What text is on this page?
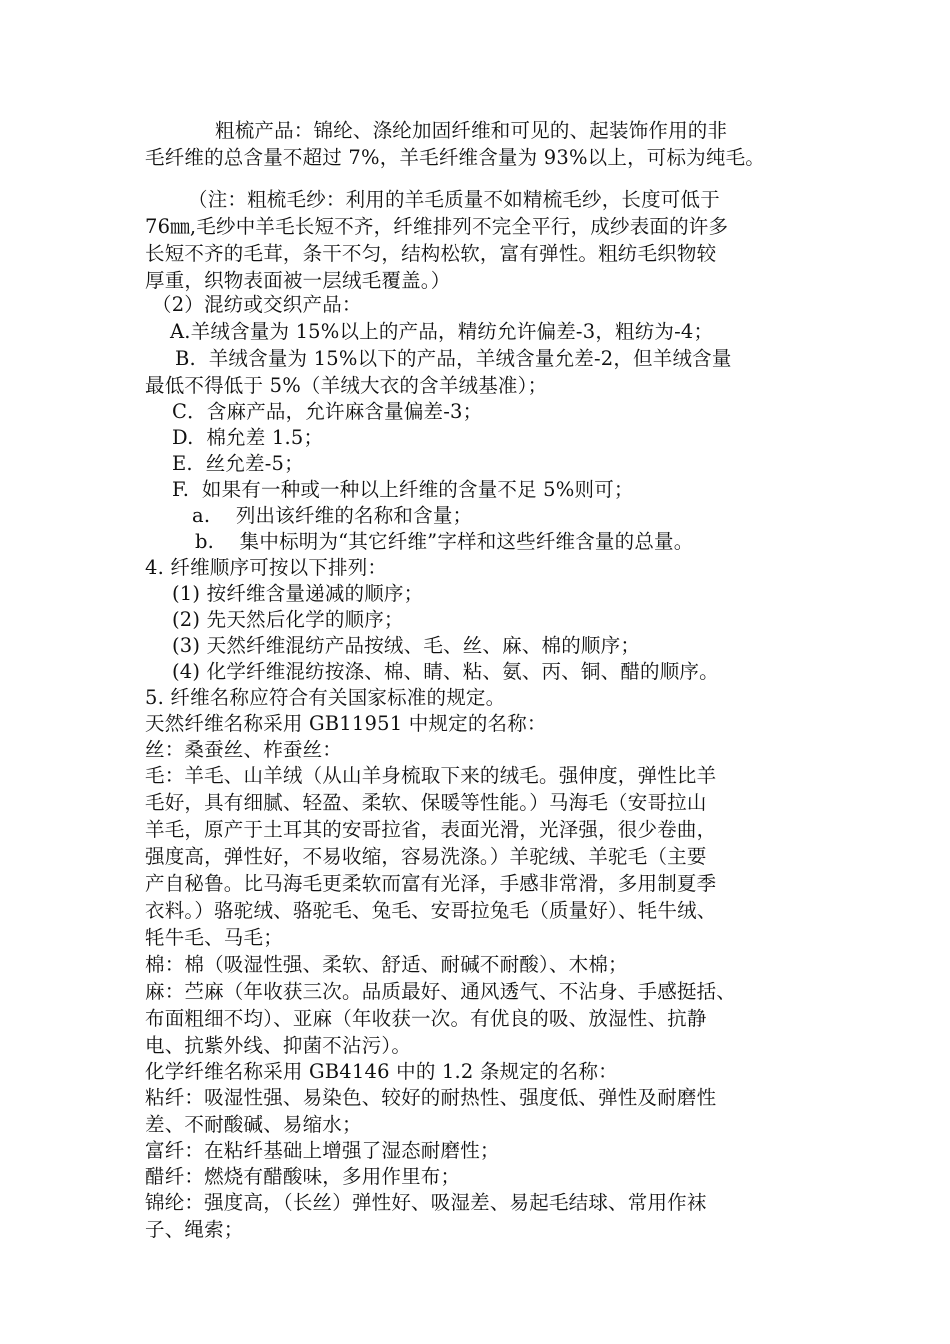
粗梳产品：锦纶、涤纶加固纤维和可见的、起装饰作用的非
毛纤维的总含量不超过 7%，羊毛纤维含量为 93%以上，可标为纯毛。
（注：粗梳毛纱：利用的羊毛质量不如精梳毛纱，长度可低于
76㎜,毛纱中羊毛长短不齐，纤维排列不完全平行，成纱表面的许多
长短不齐的毛茸，条干不匀，结构松软，富有弹性。粗纺毛织物较
厚重，织物表面被一层绒毛覆盖。）
（2）混纺或交织产品：
A.羊绒含量为 15%以上的产品，精纺允许偏差-3，粗纺为-4；
B.  羊绒含量为 15%以下的产品，羊绒含量允差-2，但羊绒含量
最低不得低于 5%（羊绒大衣的含羊绒基准）；
C．含麻产品，允许麻含量偏差-3；
D.  棉允差 1.5；
E.  丝允差-5；
F.  如果有一种或一种以上纤维的含量不足 5%则可；
a.    列出该纤维的名称和含量；
b.    集中标明为“其它纤维”字样和这些纤维含量的总量。
4. 纤维顺序可按以下排列：
(1) 按纤维含量递减的顺序；
(2) 先天然后化学的顺序；
(3) 天然纤维混纺产品按绒、毛、丝、麻、棉的顺序；
(4) 化学纤维混纺按涤、棉、睛、粘、氨、丙、铜、醋的顺序。
5. 纤维名称应符合有关国家标准的规定。
天然纤维名称采用 GB11951 中规定的名称：
丝：桑蚕丝、柞蚕丝：
毛：羊毛、山羊绒（从山羊身梳取下来的绒毛。强伸度，弹性比羊
毛好，具有细腻、轻盈、柔软、保暖等性能。）马海毛（安哥拉山
羊毛，原产于土耳其的安哥拉省，表面光滑，光泽强，很少卷曲，
强度高，弹性好，不易收缩，容易洗涤。）羊驼绒、羊驼毛（主要
产自秘鲁。比马海毛更柔软而富有光泽，手感非常滑，多用制夏季
衣料。）骆驼绒、骆驼毛、兔毛、安哥拉兔毛（质量好）、牦牛绒、
牦牛毛、马毛；
棉：棉（吸湿性强、柔软、舒适、耐碱不耐酸）、木棉；
麻：苎麻（年收获三次。品质最好、通风透气、不沾身、手感挺括、
布面粗细不均）、亚麻（年收获一次。有优良的吸、放湿性、抗静
电、抗紫外线、抑菌不沾污）。
化学纤维名称采用 GB4146 中的 1.2 条规定的名称：
粘纤：吸湿性强、易染色、较好的耐热性、强度低、弹性及耐磨性
差、不耐酸碱、易缩水；
富纤：在粘纤基础上增强了湿态耐磨性；
醋纤：燃烧有醋酸味，多用作里布；
锦纶：强度高，（长丝）弹性好、吸湿差、易起毛结球、常用作袜
子、绳索；
